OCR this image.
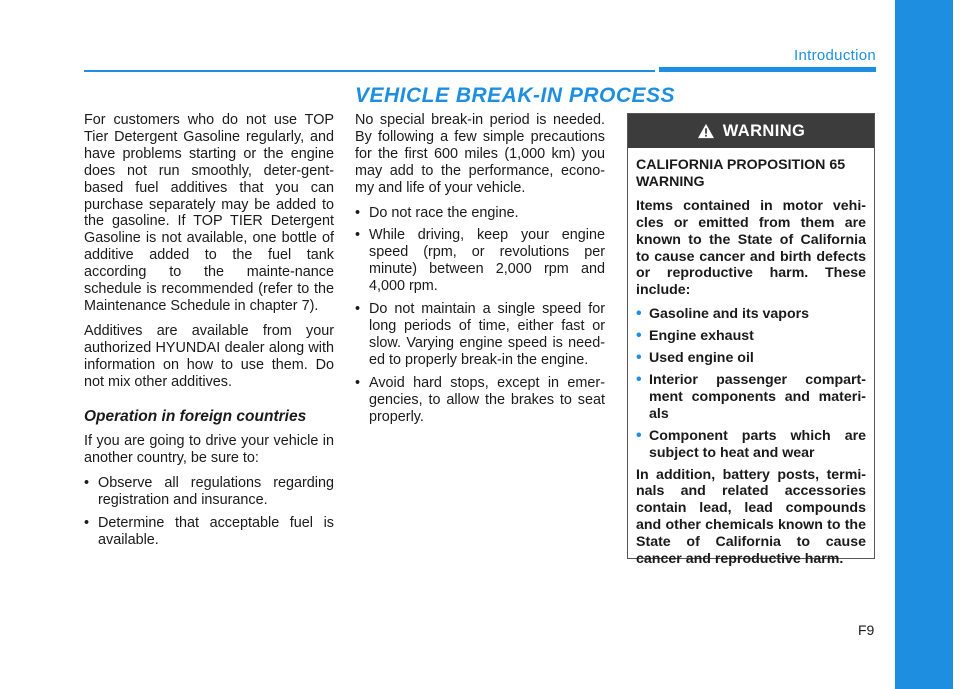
Introduction
VEHICLE BREAK-IN PROCESS

For customers who do not use TOP Tier Detergent Gasoline regularly, and have problems starting or the engine does not run smoothly, deter-gent-based fuel additives that you can purchase separately may be added to the gasoline. If TOP TIER Detergent Gasoline is not available, one bottle of additive added to the fuel tank according to the mainte-nance schedule is recommended (refer to the Maintenance Schedule in chapter 7).

Additives are available from your authorized HYUNDAI dealer along with information on how to use them. Do not mix other additives.

Operation in foreign countries

If you are going to drive your vehicle in another country, be sure to:

• Observe all regulations regarding registration and insurance.
• Determine that acceptable fuel is available.

No special break-in period is needed. By following a few simple precautions for the first 600 miles (1,000 km) you may add to the performance, econo-my and life of your vehicle.

• Do not race the engine.
• While driving, keep your engine speed (rpm, or revolutions per minute) between 2,000 rpm and 4,000 rpm.
• Do not maintain a single speed for long periods of time, either fast or slow. Varying engine speed is need-ed to properly break-in the engine.
• Avoid hard stops, except in emer-gencies, to allow the brakes to seat properly.
WARNING

CALIFORNIA PROPOSITION 65 WARNING

Items contained in motor vehi-cles or emitted from them are known to the State of California to cause cancer and birth defects or reproductive harm. These include:

• Gasoline and its vapors
• Engine exhaust
• Used engine oil
• Interior passenger compart-ment components and materi-als
• Component parts which are subject to heat and wear

In addition, battery posts, termi-nals and related accessories contain lead, lead compounds and other chemicals known to the State of California to cause cancer and reproductive harm.

F9
